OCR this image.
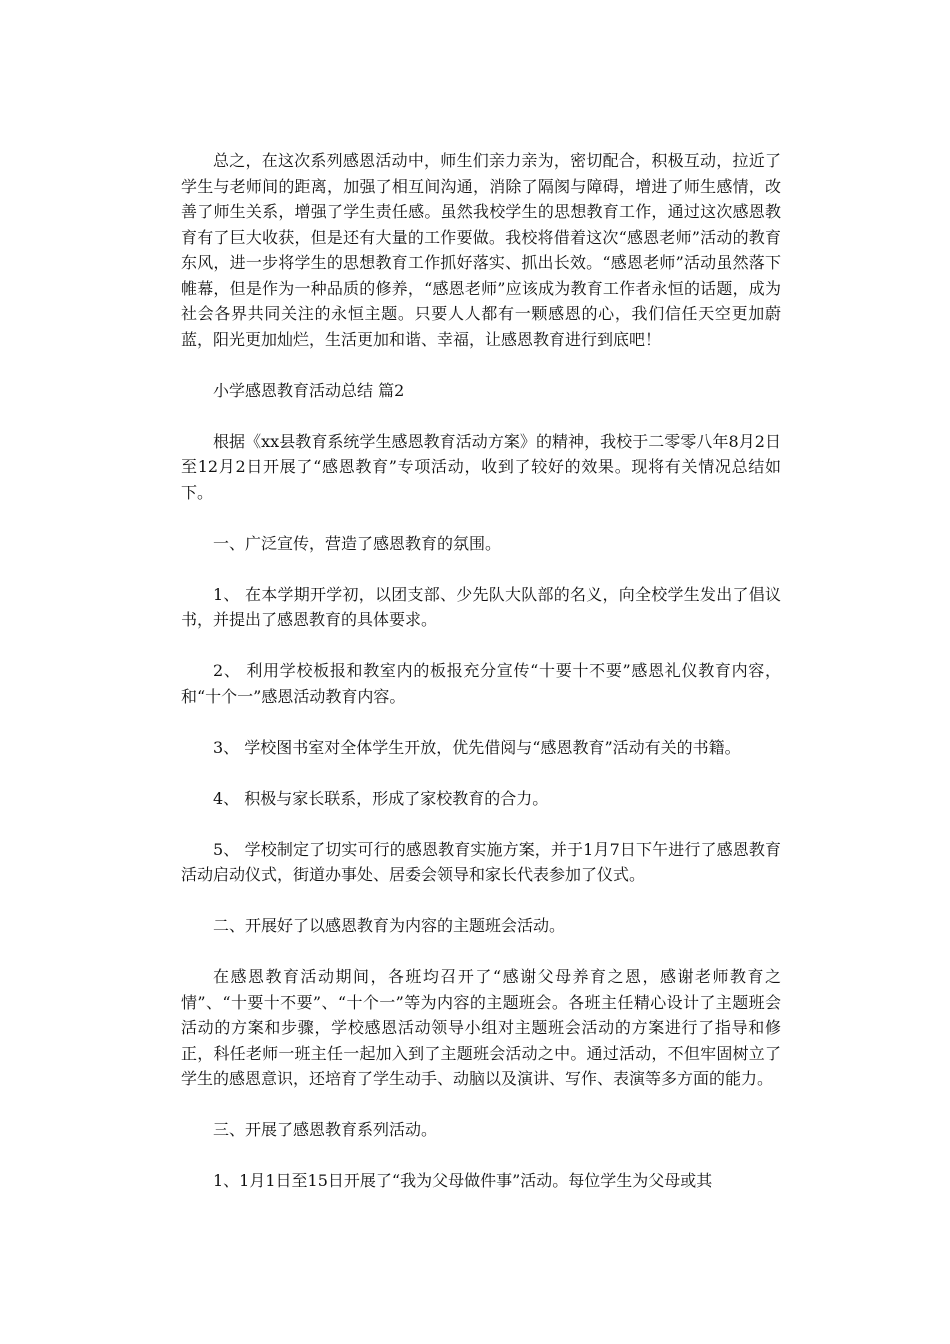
总之，在这次系列感恩活动中，师生们亲力亲为，密切配合，积极互动，拉近了学生与老师间的距离，加强了相互间沟通，消除了隔阂与障碍，增进了师生感情，改善了师生关系，增强了学生责任感。虽然我校学生的思想教育工作，通过这次感恩教育有了巨大收获，但是还有大量的工作要做。我校将借着这次“感恩老师”活动的教育东风，进一步将学生的思想教育工作抓好落实、抓出长效。“感恩老师”活动虽然落下帷幕，但是作为一种品质的修养，“感恩老师”应该成为教育工作者永恒的话题，成为社会各界共同关注的永恒主题。只要人人都有一颗感恩的心，我们信任天空更加蔚蓝，阳光更加灿烂，生活更加和谐、幸福，让感恩教育进行到底吧！

小学感恩教育活动总结 篇2

根据《xx县教育系统学生感恩教育活动方案》的精神，我校于二零零八年8月2日至12月2日开展了“感恩教育”专项活动，收到了较好的效果。现将有关情况总结如下。

一、广泛宣传，营造了感恩教育的氛围。

1、 在本学期开学初，以团支部、少先队大队部的名义，向全校学生发出了倡议书，并提出了感恩教育的具体要求。

2、 利用学校板报和教室内的板报充分宣传“十要十不要”感恩礼仪教育内容，和“十个一”感恩活动教育内容。

3、 学校图书室对全体学生开放，优先借阅与“感恩教育”活动有关的书籍。

4、 积极与家长联系，形成了家校教育的合力。

5、 学校制定了切实可行的感恩教育实施方案，并于1月7日下午进行了感恩教育活动启动仪式，街道办事处、居委会领导和家长代表参加了仪式。

二、开展好了以感恩教育为内容的主题班会活动。

在感恩教育活动期间，各班均召开了“感谢父母养育之恩，感谢老师教育之情”、“十要十不要”、“十个一”等为内容的主题班会。各班主任精心设计了主题班会活动的方案和步骤，学校感恩活动领导小组对主题班会活动的方案进行了指导和修正，科任老师一班主任一起加入到了主题班会活动之中。通过活动，不但牢固树立了学生的感恩意识，还培育了学生动手、动脑以及演讲、写作、表演等多方面的能力。

三、开展了感恩教育系列活动。

1、1月1日至15日开展了“我为父母做件事”活动。每位学生为父母或其
